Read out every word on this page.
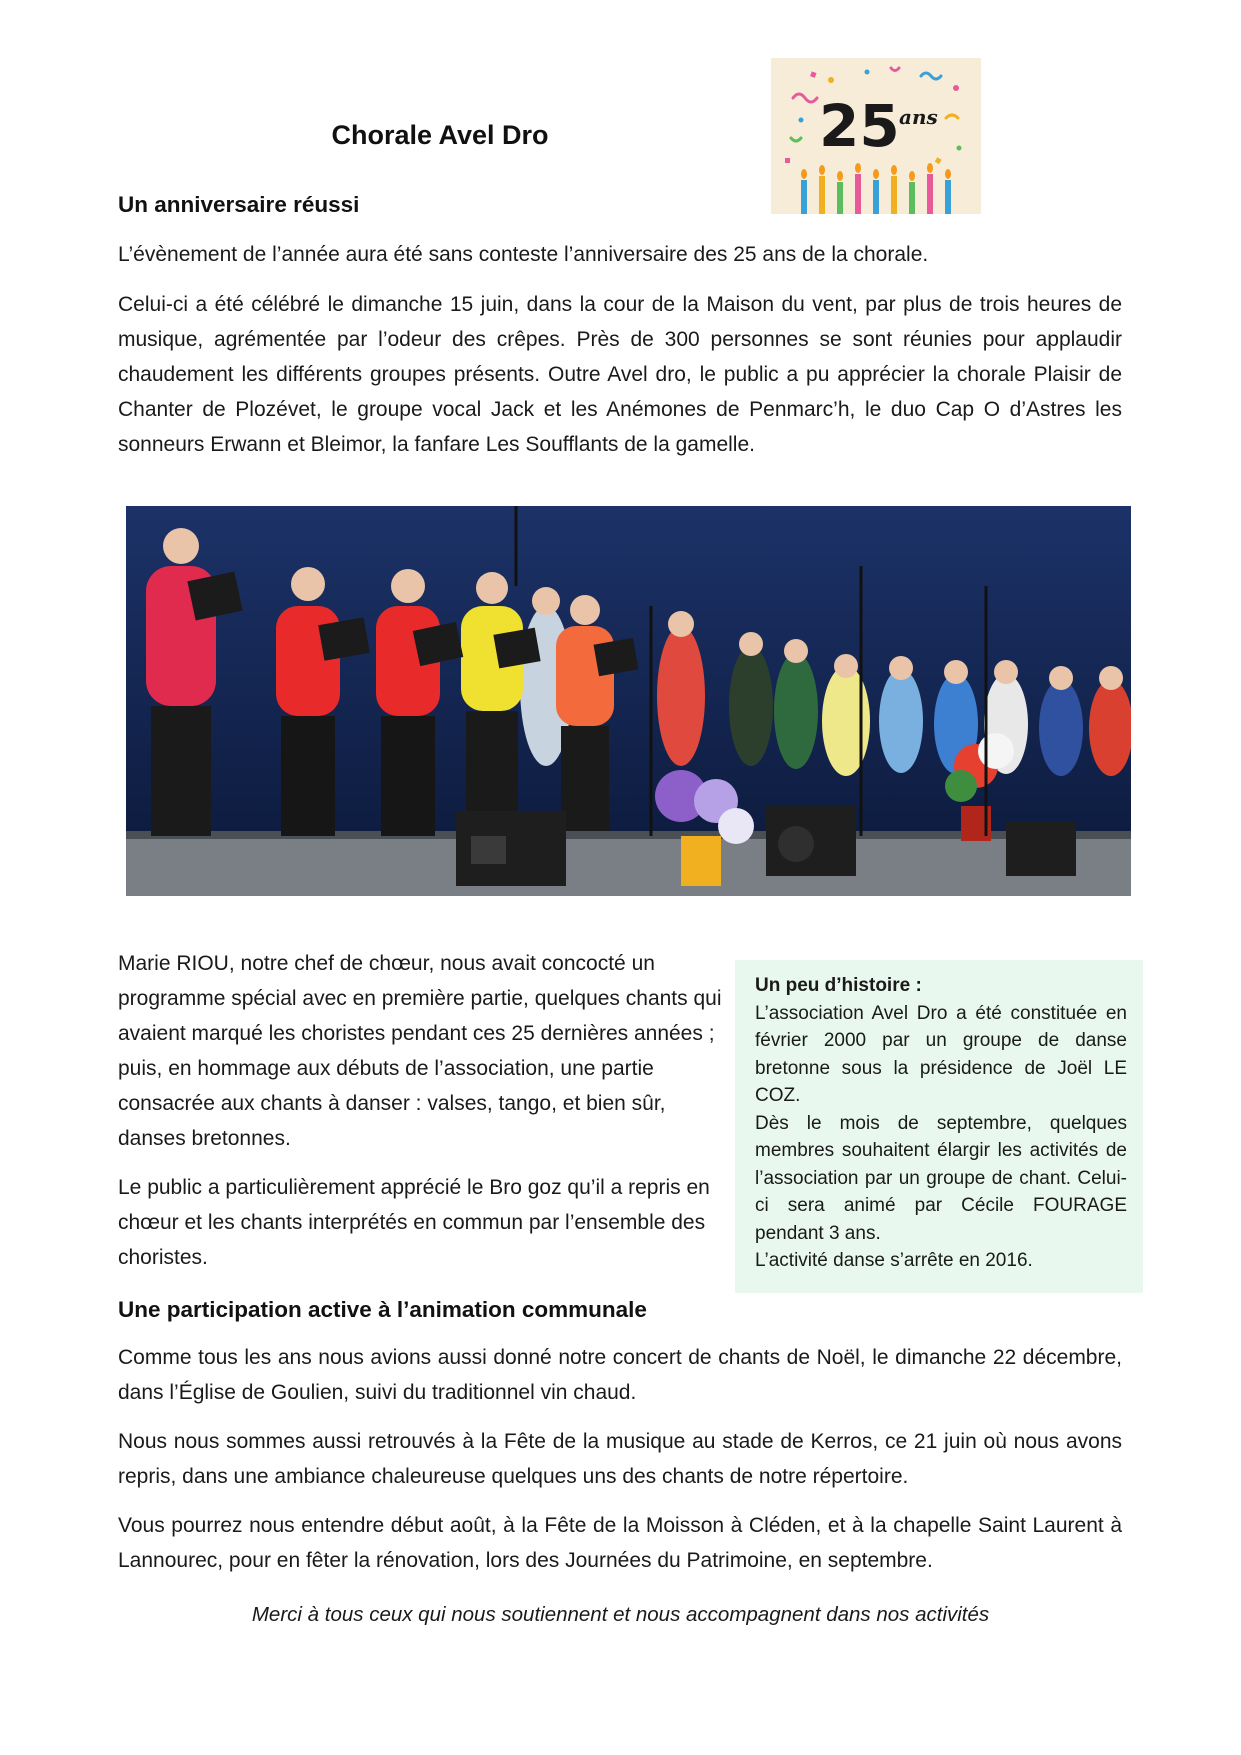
Chorale Avel Dro	25 ans
Un anniversaire réussi

L’évènement de l’année aura été sans conteste l’anniversaire des 25 ans de la chorale.

Celui-ci a été célébré le dimanche 15 juin, dans la cour de la Maison du vent, par plus de trois heures de musique, agrémentée par l’odeur des crêpes. Près de 300 personnes se sont réunies pour applaudir chaudement les différents groupes présents. Outre Avel dro, le public a pu apprécier la chorale Plaisir de Chanter de Plozévet, le groupe vocal Jack et les Anémones de Penmarc’h, le duo Cap O d’Astres les sonneurs Erwann et Bleimor, la fanfare Les Soufflants de la gamelle.

Marie RIOU, notre chef de chœur, nous avait concocté un programme spécial avec en première partie, quelques chants qui avaient marqué les choristes pendant ces 25 dernières années ; puis, en hommage aux débuts de l’association, une partie consacrée aux chants à danser : valses, tango, et bien sûr, danses bretonnes.

Le public a particulièrement apprécié le Bro goz qu’il a repris en chœur et les chants interprétés en commun par l’ensemble des choristes.

Un peu d’histoire :

L’association Avel Dro a été constituée en février 2000 par un groupe de danse bretonne sous la présidence de Joël LE COZ.

Dès le mois de septembre, quelques membres souhaitent élargir les activités de l’association par un groupe de chant. Celui-ci sera animé par Cécile FOURAGE pendant 3 ans.

L’activité danse s’arrête en 2016.

Une participation active à l’animation communale

Comme tous les ans nous avions aussi donné notre concert de chants de Noël, le dimanche 22 décembre, dans l’Église de Goulien, suivi du traditionnel vin chaud.

Nous nous sommes aussi retrouvés à la Fête de la musique au stade de Kerros, ce 21 juin où nous avons repris, dans une ambiance chaleureuse quelques uns des chants de notre répertoire.

Vous pourrez nous entendre début août, à la Fête de la Moisson à Cléden, et à la chapelle Saint Laurent à Lannourec, pour en fêter la rénovation, lors des Journées du Patrimoine, en septembre.

Merci à tous ceux qui nous soutiennent et nous accompagnent dans nos activités
